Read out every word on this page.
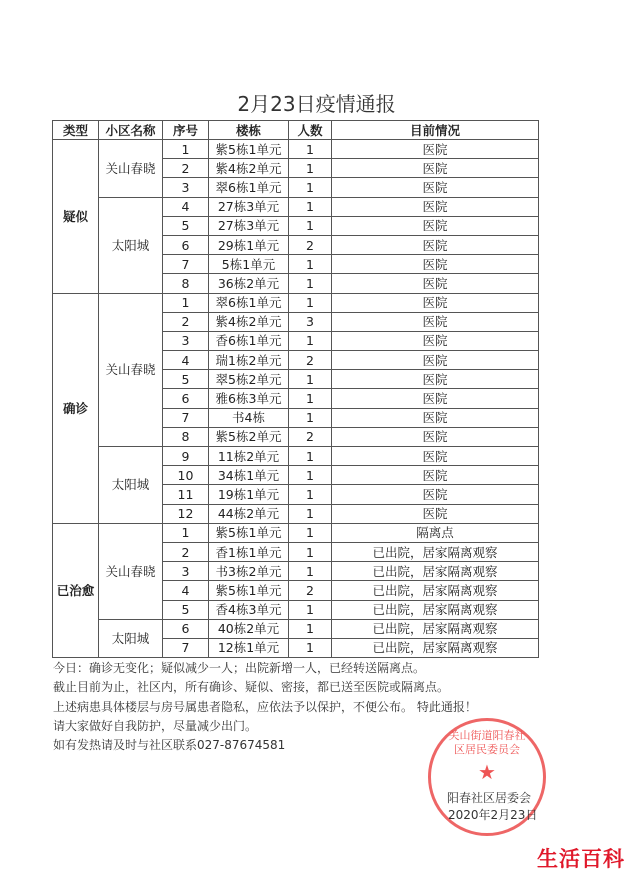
2月23日疫情通报
类型	小区名称	序号	楼栋	人数	目前情况
疑似	关山春晓	1	紫5栋1单元	1	医院
		2	紫4栋2单元	1	医院
		3	翠6栋1单元	1	医院
	太阳城	4	27栋3单元	1	医院
		5	27栋3单元	1	医院
		6	29栋1单元	2	医院
		7	5栋1单元	1	医院
		8	36栋2单元	1	医院
确诊	关山春晓	1	翠6栋1单元	1	医院
		2	紫4栋2单元	3	医院
		3	香6栋1单元	1	医院
		4	瑞1栋2单元	2	医院
		5	翠5栋2单元	1	医院
		6	雅6栋3单元	1	医院
		7	书4栋	1	医院
		8	紫5栋2单元	2	医院
	太阳城	9	11栋2单元	1	医院
		10	34栋1单元	1	医院
		11	19栋1单元	1	医院
		12	44栋2单元	1	医院
已治愈	关山春晓	1	紫5栋1单元	1	隔离点
		2	香1栋1单元	1	已出院，居家隔离观察
		3	书3栋2单元	1	已出院，居家隔离观察
		4	紫5栋1单元	2	已出院，居家隔离观察
		5	香4栋3单元	1	已出院，居家隔离观察
	太阳城	6	40栋2单元	1	已出院，居家隔离观察
		7	12栋1单元	1	已出院，居家隔离观察
今日：确诊无变化；疑似减少一人；出院新增一人，已经转送隔离点。
截止目前为止，社区内，所有确诊、疑似、密接，都已送至医院或隔离点。
上述病患具体楼层与房号属患者隐私，应依法予以保护，不便公布。 特此通报！
请大家做好自我防护，尽量减少出门。
如有发热请及时与社区联系027-87674581
关山街道阳春社区居民委员会
★
阳春社区居委会
2020年2月23日
生活百科
